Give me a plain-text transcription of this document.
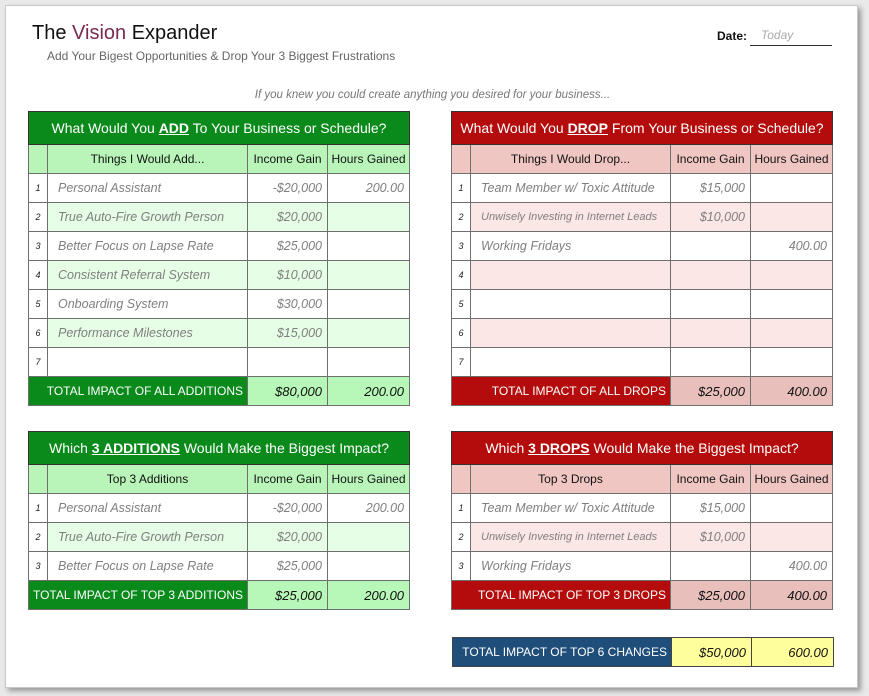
The Vision Expander
Add Your Bigest Opportunities & Drop Your 3 Biggest Frustrations
Date:	Today
If you knew you could create anything you desired for your business...
What Would You ADD To Your Business or Schedule?			
	Things I Would Add...	Income Gain	Hours Gained
1	Personal Assistant	-$20,000	200.00
2	True Auto-Fire Growth Person	$20,000	
3	Better Focus on Lapse Rate	$25,000	
4	Consistent Referral System	$10,000	
5	Onboarding System	$30,000	
6	Performance Milestones	$15,000	
7			
TOTAL IMPACT OF ALL ADDITIONS		$80,000	200.00
What Would You DROP From Your Business or Schedule?			
	Things I Would Drop...	Income Gain	Hours Gained
1	Team Member w/ Toxic Attitude	$15,000	
2	Unwisely Investing in Internet Leads	$10,000	
3	Working Fridays		400.00
4			
5			
6			
7			
TOTAL IMPACT OF ALL DROPS		$25,000	400.00
Which 3 ADDITIONS Would Make the Biggest Impact?			
	Top 3 Additions	Income Gain	Hours Gained
1	Personal Assistant	-$20,000	200.00
2	True Auto-Fire Growth Person	$20,000	
3	Better Focus on Lapse Rate	$25,000	
TOTAL IMPACT OF TOP 3 ADDITIONS		$25,000	200.00
Which 3 DROPS Would Make the Biggest Impact?			
	Top 3 Drops	Income Gain	Hours Gained
1	Team Member w/ Toxic Attitude	$15,000	
2	Unwisely Investing in Internet Leads	$10,000	
3	Working Fridays		400.00
TOTAL IMPACT OF TOP 3 DROPS		$25,000	400.00
TOTAL IMPACT OF TOP 6 CHANGES	$50,000	600.00
